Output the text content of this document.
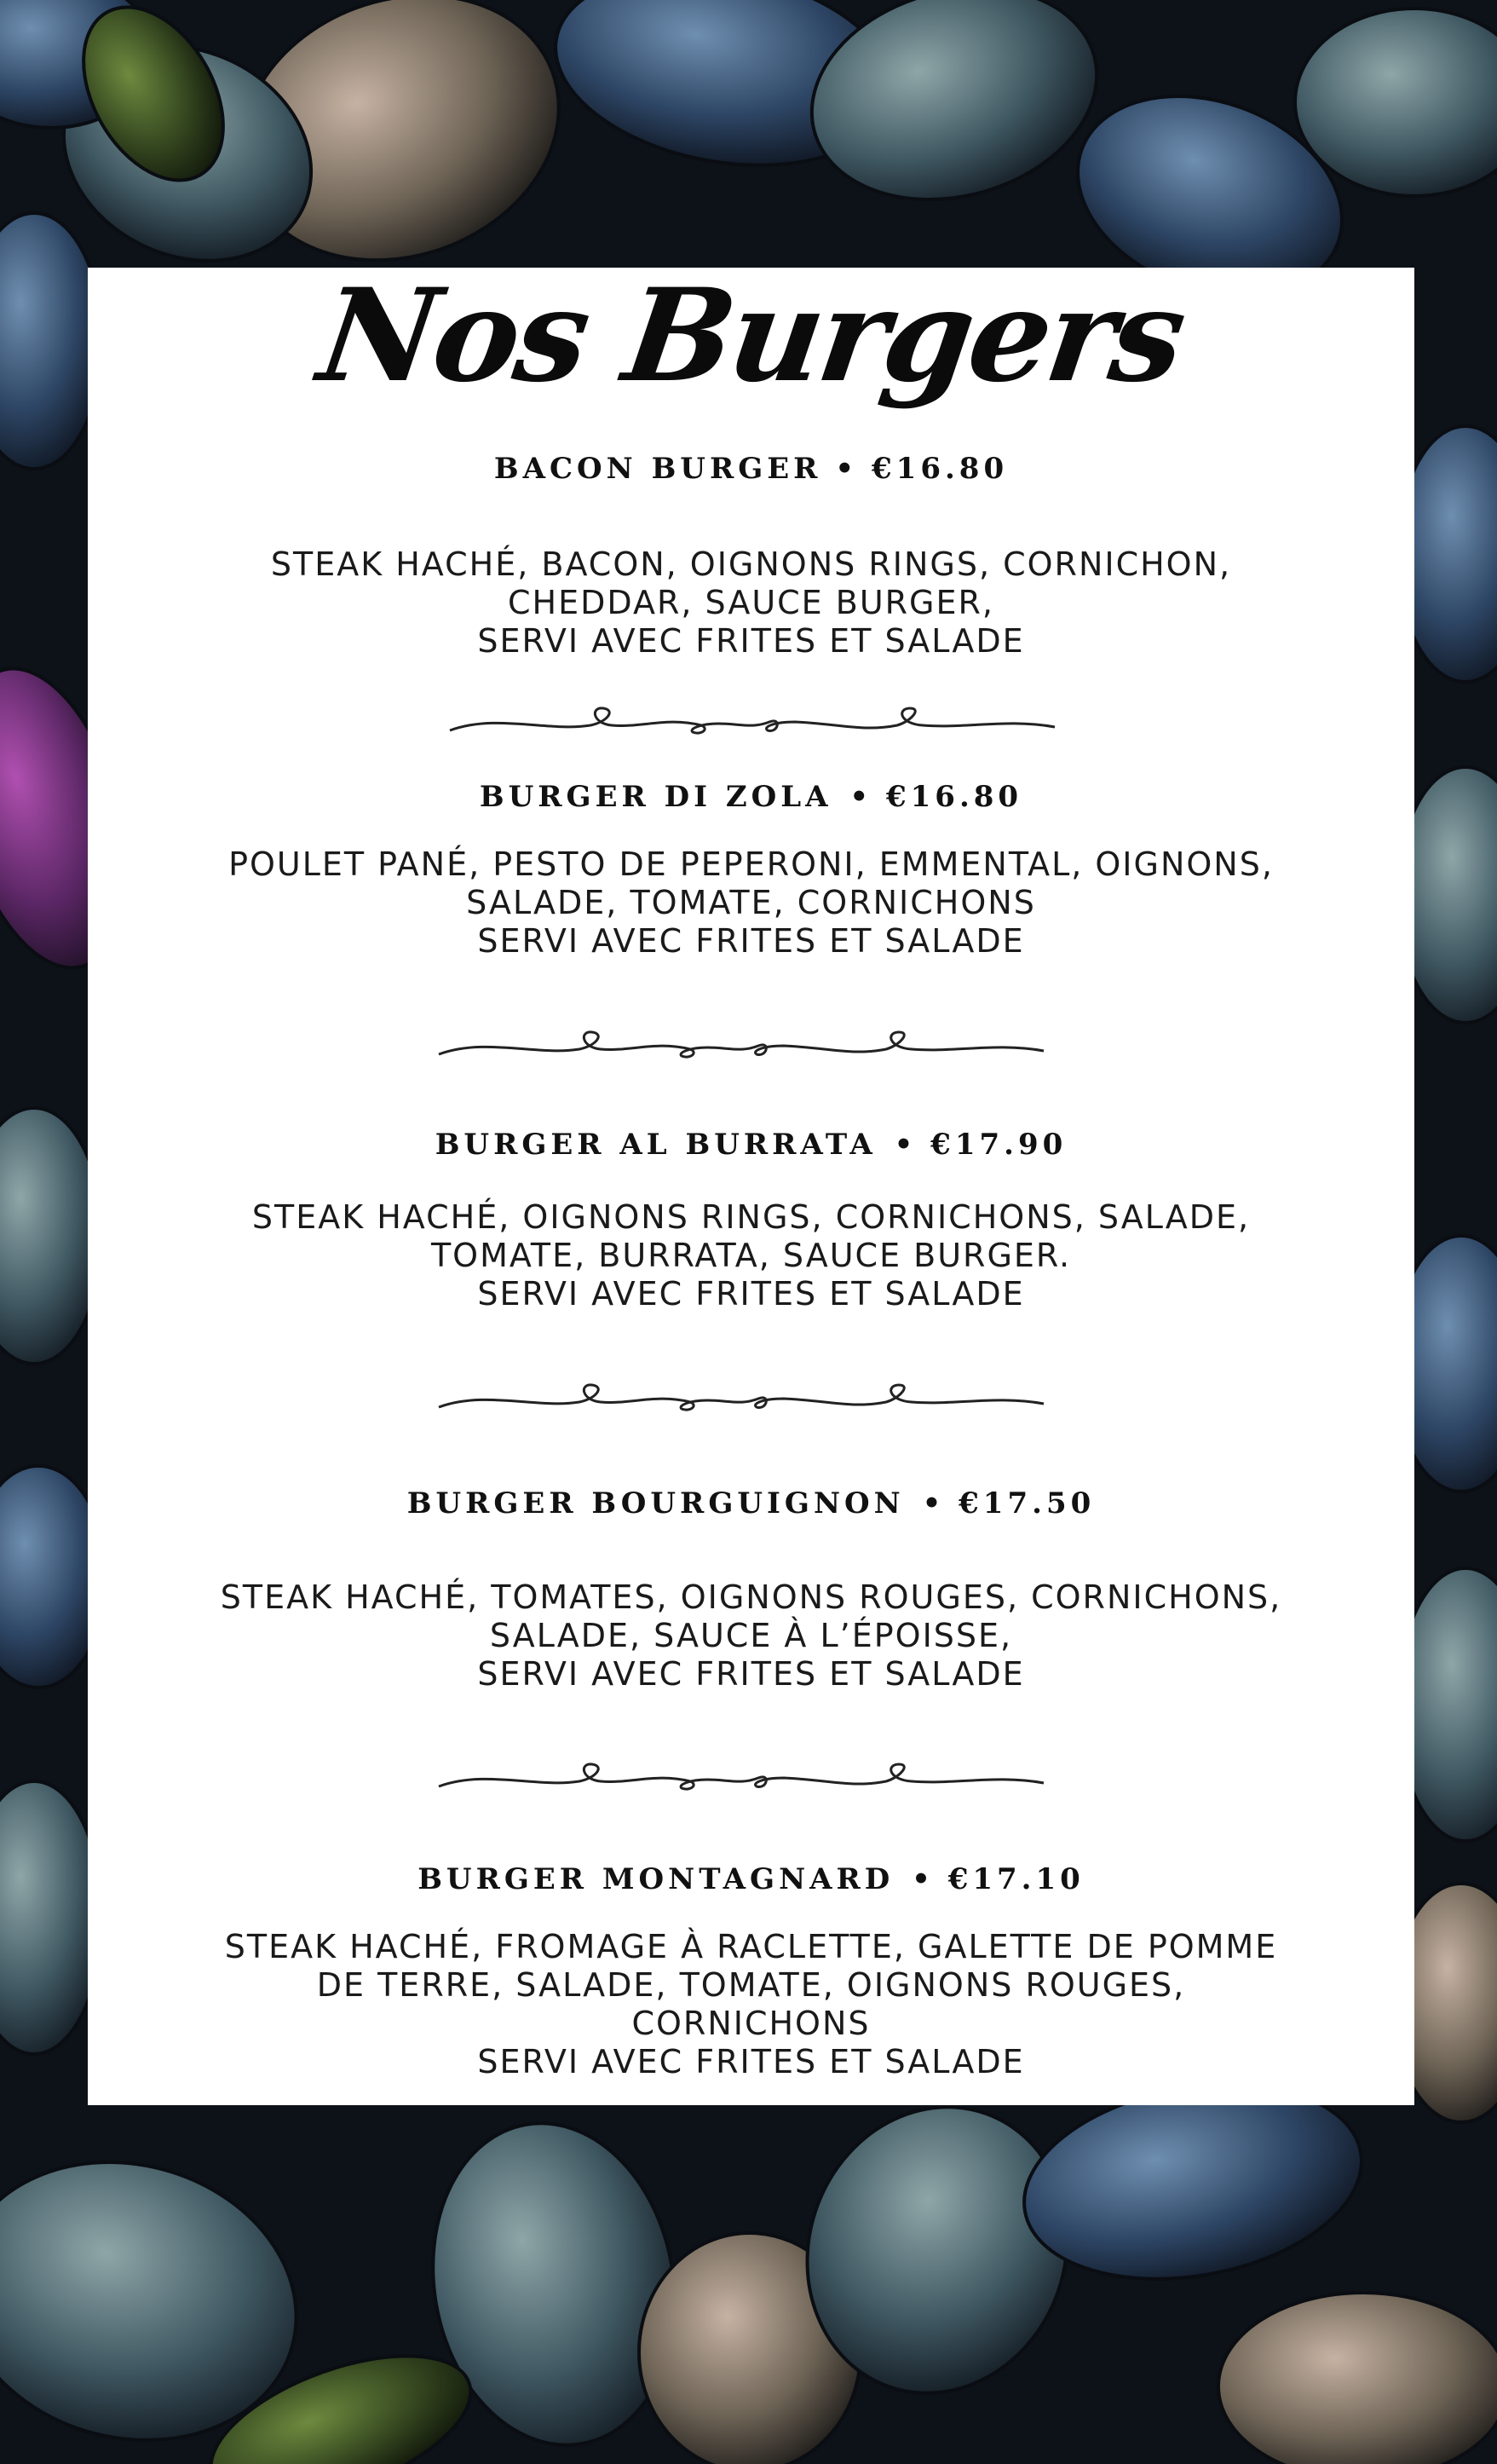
Nos Burgers
BACON BURGER • €16.80
STEAK HACHÉ, BACON, OIGNONS RINGS, CORNICHON,
CHEDDAR, SAUCE BURGER,
SERVI AVEC FRITES ET SALADE
BURGER DI ZOLA • €16.80
POULET PANÉ, PESTO DE PEPERONI, EMMENTAL, OIGNONS,
SALADE, TOMATE, CORNICHONS
SERVI AVEC FRITES ET SALADE
BURGER AL BURRATA • €17.90
STEAK HACHÉ, OIGNONS RINGS, CORNICHONS, SALADE,
TOMATE, BURRATA, SAUCE BURGER.
SERVI AVEC FRITES ET SALADE
BURGER BOURGUIGNON • €17.50
STEAK HACHÉ, TOMATES, OIGNONS ROUGES, CORNICHONS,
SALADE, SAUCE À L’ÉPOISSE,
SERVI AVEC FRITES ET SALADE
BURGER MONTAGNARD • €17.10
STEAK HACHÉ, FROMAGE À RACLETTE, GALETTE DE POMME
DE TERRE, SALADE, TOMATE, OIGNONS ROUGES,
CORNICHONS
SERVI AVEC FRITES ET SALADE
